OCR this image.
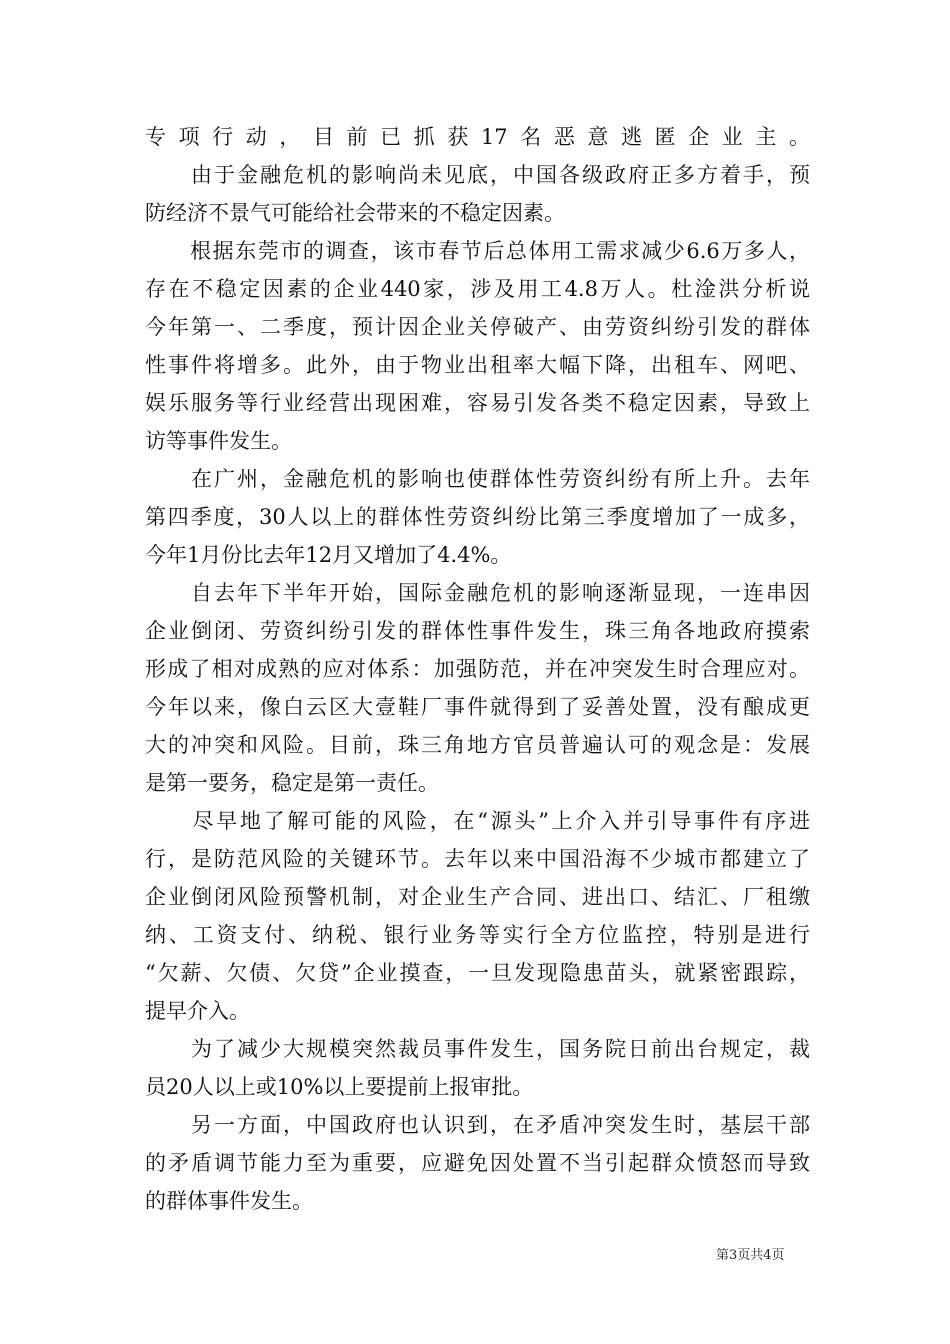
专项行动，目前已抓获17名恶意逃匿企业主。
　　由于金融危机的影响尚未见底，中国各级政府正多方着手，预
防经济不景气可能给社会带来的不稳定因素。
　　根据东莞市的调查，该市春节后总体用工需求减少6.6万多人，
存在不稳定因素的企业440家，涉及用工4.8万人。杜淦洪分析说
今年第一、二季度，预计因企业关停破产、由劳资纠纷引发的群体
性事件将增多。此外，由于物业出租率大幅下降，出租车、网吧、
娱乐服务等行业经营出现困难，容易引发各类不稳定因素，导致上
访等事件发生。
　　在广州，金融危机的影响也使群体性劳资纠纷有所上升。去年
第四季度，30人以上的群体性劳资纠纷比第三季度增加了一成多，
今年1月份比去年12月又增加了4.4%。
　　自去年下半年开始，国际金融危机的影响逐渐显现，一连串因
企业倒闭、劳资纠纷引发的群体性事件发生，珠三角各地政府摸索
形成了相对成熟的应对体系：加强防范，并在冲突发生时合理应对。
今年以来，像白云区大壹鞋厂事件就得到了妥善处置，没有酿成更
大的冲突和风险。目前，珠三角地方官员普遍认可的观念是：发展
是第一要务，稳定是第一责任。
　　尽早地了解可能的风险，在“源头”上介入并引导事件有序进
行，是防范风险的关键环节。去年以来中国沿海不少城市都建立了
企业倒闭风险预警机制，对企业生产合同、进出口、结汇、厂租缴
纳、工资支付、纳税、银行业务等实行全方位监控，特别是进行
“欠薪、欠债、欠贷”企业摸查，一旦发现隐患苗头，就紧密跟踪，
提早介入。
　　为了减少大规模突然裁员事件发生，国务院日前出台规定，裁
员20人以上或10%以上要提前上报审批。
　　另一方面，中国政府也认识到，在矛盾冲突发生时，基层干部
的矛盾调节能力至为重要，应避免因处置不当引起群众愤怒而导致
的群体事件发生。
第3页共4页
